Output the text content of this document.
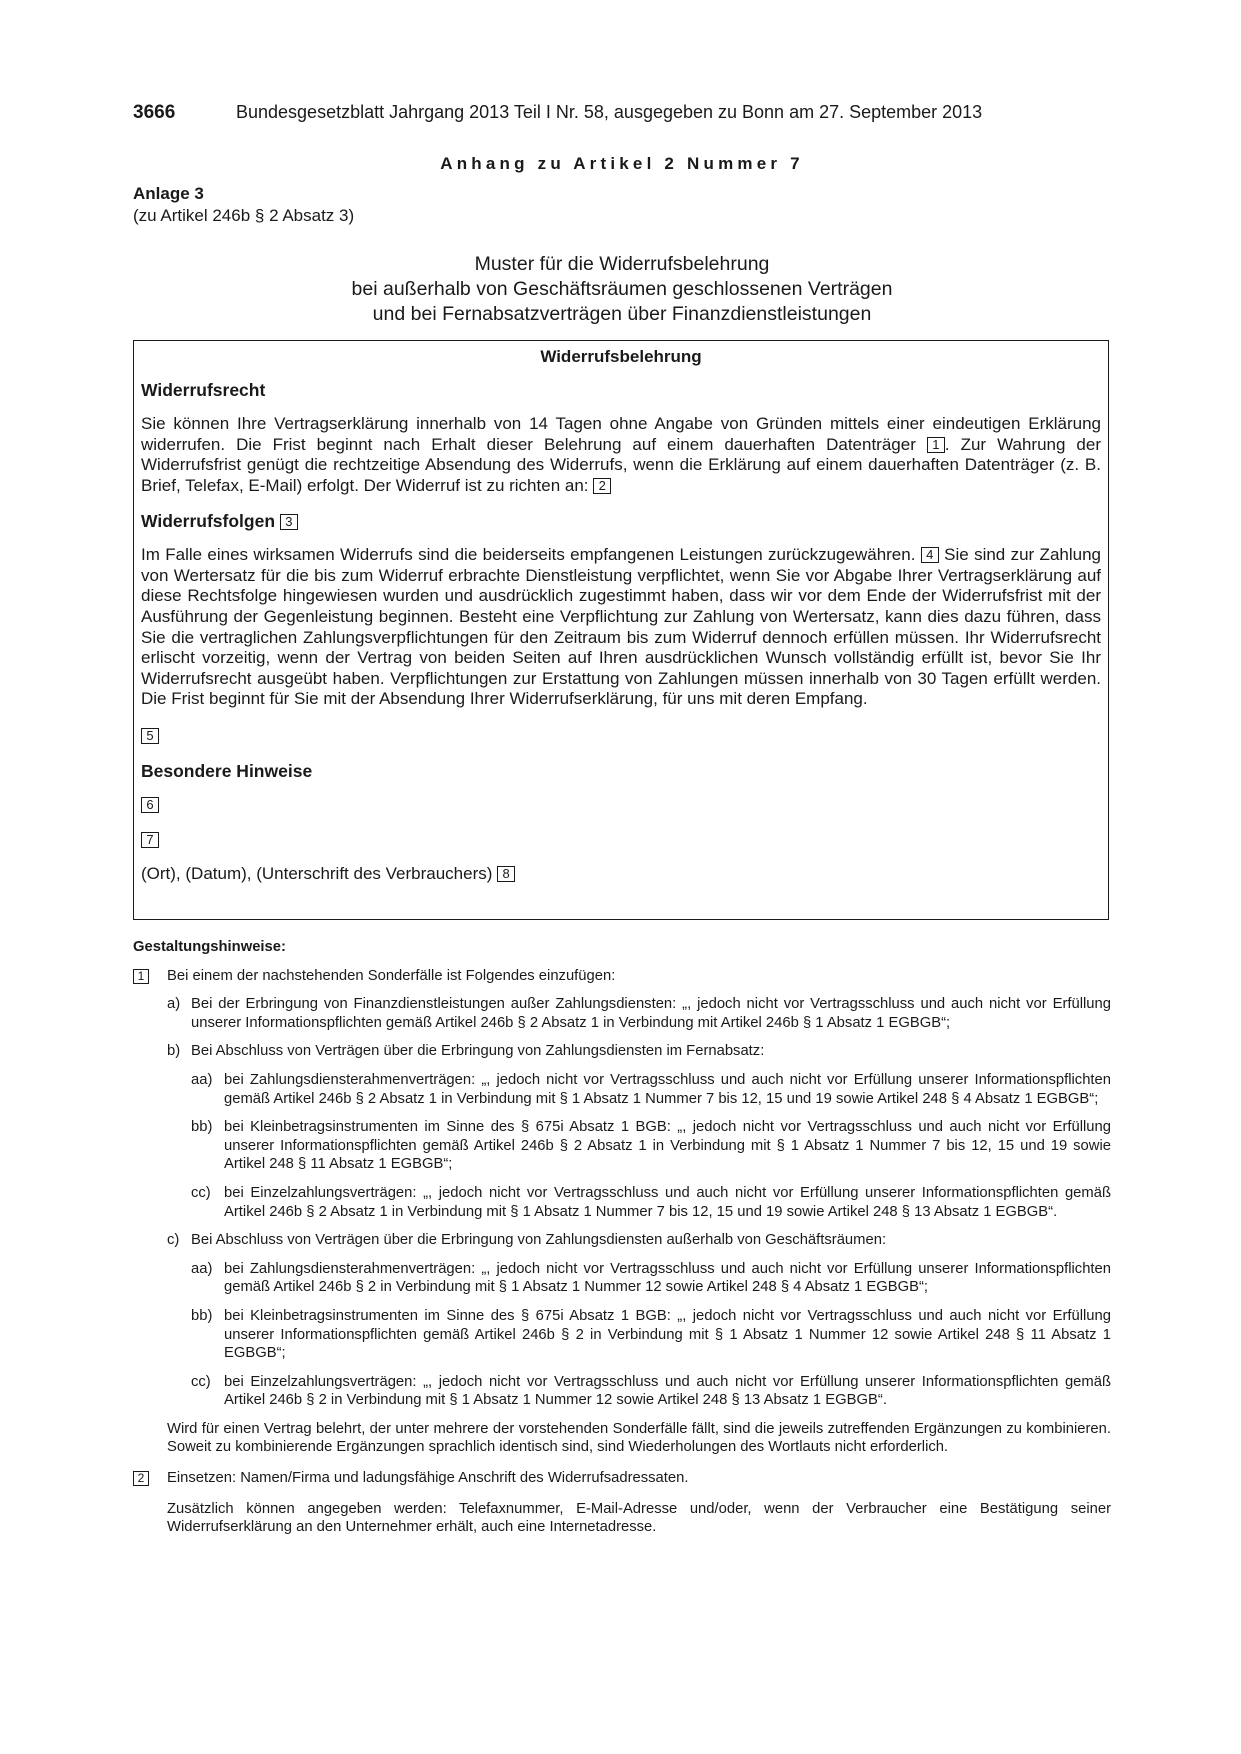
3666	Bundesgesetzblatt Jahrgang 2013 Teil I Nr. 58, ausgegeben zu Bonn am 27. September 2013
Anhang zu Artikel 2 Nummer 7
Anlage 3
(zu Artikel 246b § 2 Absatz 3)
Muster für die Widerrufsbelehrung
bei außerhalb von Geschäftsräumen geschlossenen Verträgen
und bei Fernabsatzverträgen über Finanzdienstleistungen
Widerrufsbelehrung
Widerrufsrecht
Sie können Ihre Vertragserklärung innerhalb von 14 Tagen ohne Angabe von Gründen mittels einer eindeutigen Erklärung widerrufen. Die Frist beginnt nach Erhalt dieser Belehrung auf einem dauerhaften Datenträger 1 . Zur Wahrung der Widerrufsfrist genügt die rechtzeitige Absendung des Widerrufs, wenn die Erklärung auf einem dauerhaften Datenträger (z. B. Brief, Telefax, E-Mail) erfolgt. Der Widerruf ist zu richten an: 2
Widerrufsfolgen 3
Im Falle eines wirksamen Widerrufs sind die beiderseits empfangenen Leistungen zurückzugewähren. 4 Sie sind zur Zahlung von Wertersatz für die bis zum Widerruf erbrachte Dienstleistung verpflichtet, wenn Sie vor Abgabe Ihrer Vertragserklärung auf diese Rechtsfolge hingewiesen wurden und ausdrücklich zugestimmt haben, dass wir vor dem Ende der Widerrufsfrist mit der Ausführung der Gegenleistung beginnen. Besteht eine Verpflichtung zur Zahlung von Wertersatz, kann dies dazu führen, dass Sie die vertraglichen Zahlungsverpflichtungen für den Zeitraum bis zum Widerruf dennoch erfüllen müssen. Ihr Widerrufsrecht erlischt vorzeitig, wenn der Vertrag von beiden Seiten auf Ihren ausdrücklichen Wunsch vollständig erfüllt ist, bevor Sie Ihr Widerrufsrecht ausgeübt haben. Verpflichtungen zur Erstattung von Zahlungen müssen innerhalb von 30 Tagen erfüllt werden. Die Frist beginnt für Sie mit der Absendung Ihrer Widerrufserklärung, für uns mit deren Empfang.
5
Besondere Hinweise
6
7
(Ort), (Datum), (Unterschrift des Verbrauchers) 8
Gestaltungshinweise:
1	Bei einem der nachstehenden Sonderfälle ist Folgendes einzufügen:
a) Bei der Erbringung von Finanzdienstleistungen außer Zahlungsdiensten: „, jedoch nicht vor Vertragsschluss und auch nicht vor Erfüllung unserer Informationspflichten gemäß Artikel 246b § 2 Absatz 1 in Verbindung mit Artikel 246b § 1 Absatz 1 EGBGB“;
b) Bei Abschluss von Verträgen über die Erbringung von Zahlungsdiensten im Fernabsatz:
aa) bei Zahlungsdiensterahmenverträgen: „, jedoch nicht vor Vertragsschluss und auch nicht vor Erfüllung unserer Informationspflichten gemäß Artikel 246b § 2 Absatz 1 in Verbindung mit § 1 Absatz 1 Nummer 7 bis 12, 15 und 19 sowie Artikel 248 § 4 Absatz 1 EGBGB“;
bb) bei Kleinbetragsinstrumenten im Sinne des § 675i Absatz 1 BGB: „, jedoch nicht vor Vertragsschluss und auch nicht vor Erfüllung unserer Informationspflichten gemäß Artikel 246b § 2 Absatz 1 in Verbindung mit § 1 Absatz 1 Nummer 7 bis 12, 15 und 19 sowie Artikel 248 § 11 Absatz 1 EGBGB“;
cc) bei Einzelzahlungsverträgen: „, jedoch nicht vor Vertragsschluss und auch nicht vor Erfüllung unserer Informationspflichten gemäß Artikel 246b § 2 Absatz 1 in Verbindung mit § 1 Absatz 1 Nummer 7 bis 12, 15 und 19 sowie Artikel 248 § 13 Absatz 1 EGBGB“.
c) Bei Abschluss von Verträgen über die Erbringung von Zahlungsdiensten außerhalb von Geschäftsräumen:
aa) bei Zahlungsdiensterahmenverträgen: „, jedoch nicht vor Vertragsschluss und auch nicht vor Erfüllung unserer Informationspflichten gemäß Artikel 246b § 2 in Verbindung mit § 1 Absatz 1 Nummer 12 sowie Artikel 248 § 4 Absatz 1 EGBGB“;
bb) bei Kleinbetragsinstrumenten im Sinne des § 675i Absatz 1 BGB: „, jedoch nicht vor Vertragsschluss und auch nicht vor Erfüllung unserer Informationspflichten gemäß Artikel 246b § 2 in Verbindung mit § 1 Absatz 1 Nummer 12 sowie Artikel 248 § 11 Absatz 1 EGBGB“;
cc) bei Einzelzahlungsverträgen: „, jedoch nicht vor Vertragsschluss und auch nicht vor Erfüllung unserer Informationspflichten gemäß Artikel 246b § 2 in Verbindung mit § 1 Absatz 1 Nummer 12 sowie Artikel 248 § 13 Absatz 1 EGBGB“.
Wird für einen Vertrag belehrt, der unter mehrere der vorstehenden Sonderfälle fällt, sind die jeweils zutreffenden Ergänzungen zu kombinieren. Soweit zu kombinierende Ergänzungen sprachlich identisch sind, sind Wiederholungen des Wortlauts nicht erforderlich.
2	Einsetzen: Namen/Firma und ladungsfähige Anschrift des Widerrufsadressaten.
Zusätzlich können angegeben werden: Telefaxnummer, E-Mail-Adresse und/oder, wenn der Verbraucher eine Bestätigung seiner Widerrufserklärung an den Unternehmer erhält, auch eine Internetadresse.
